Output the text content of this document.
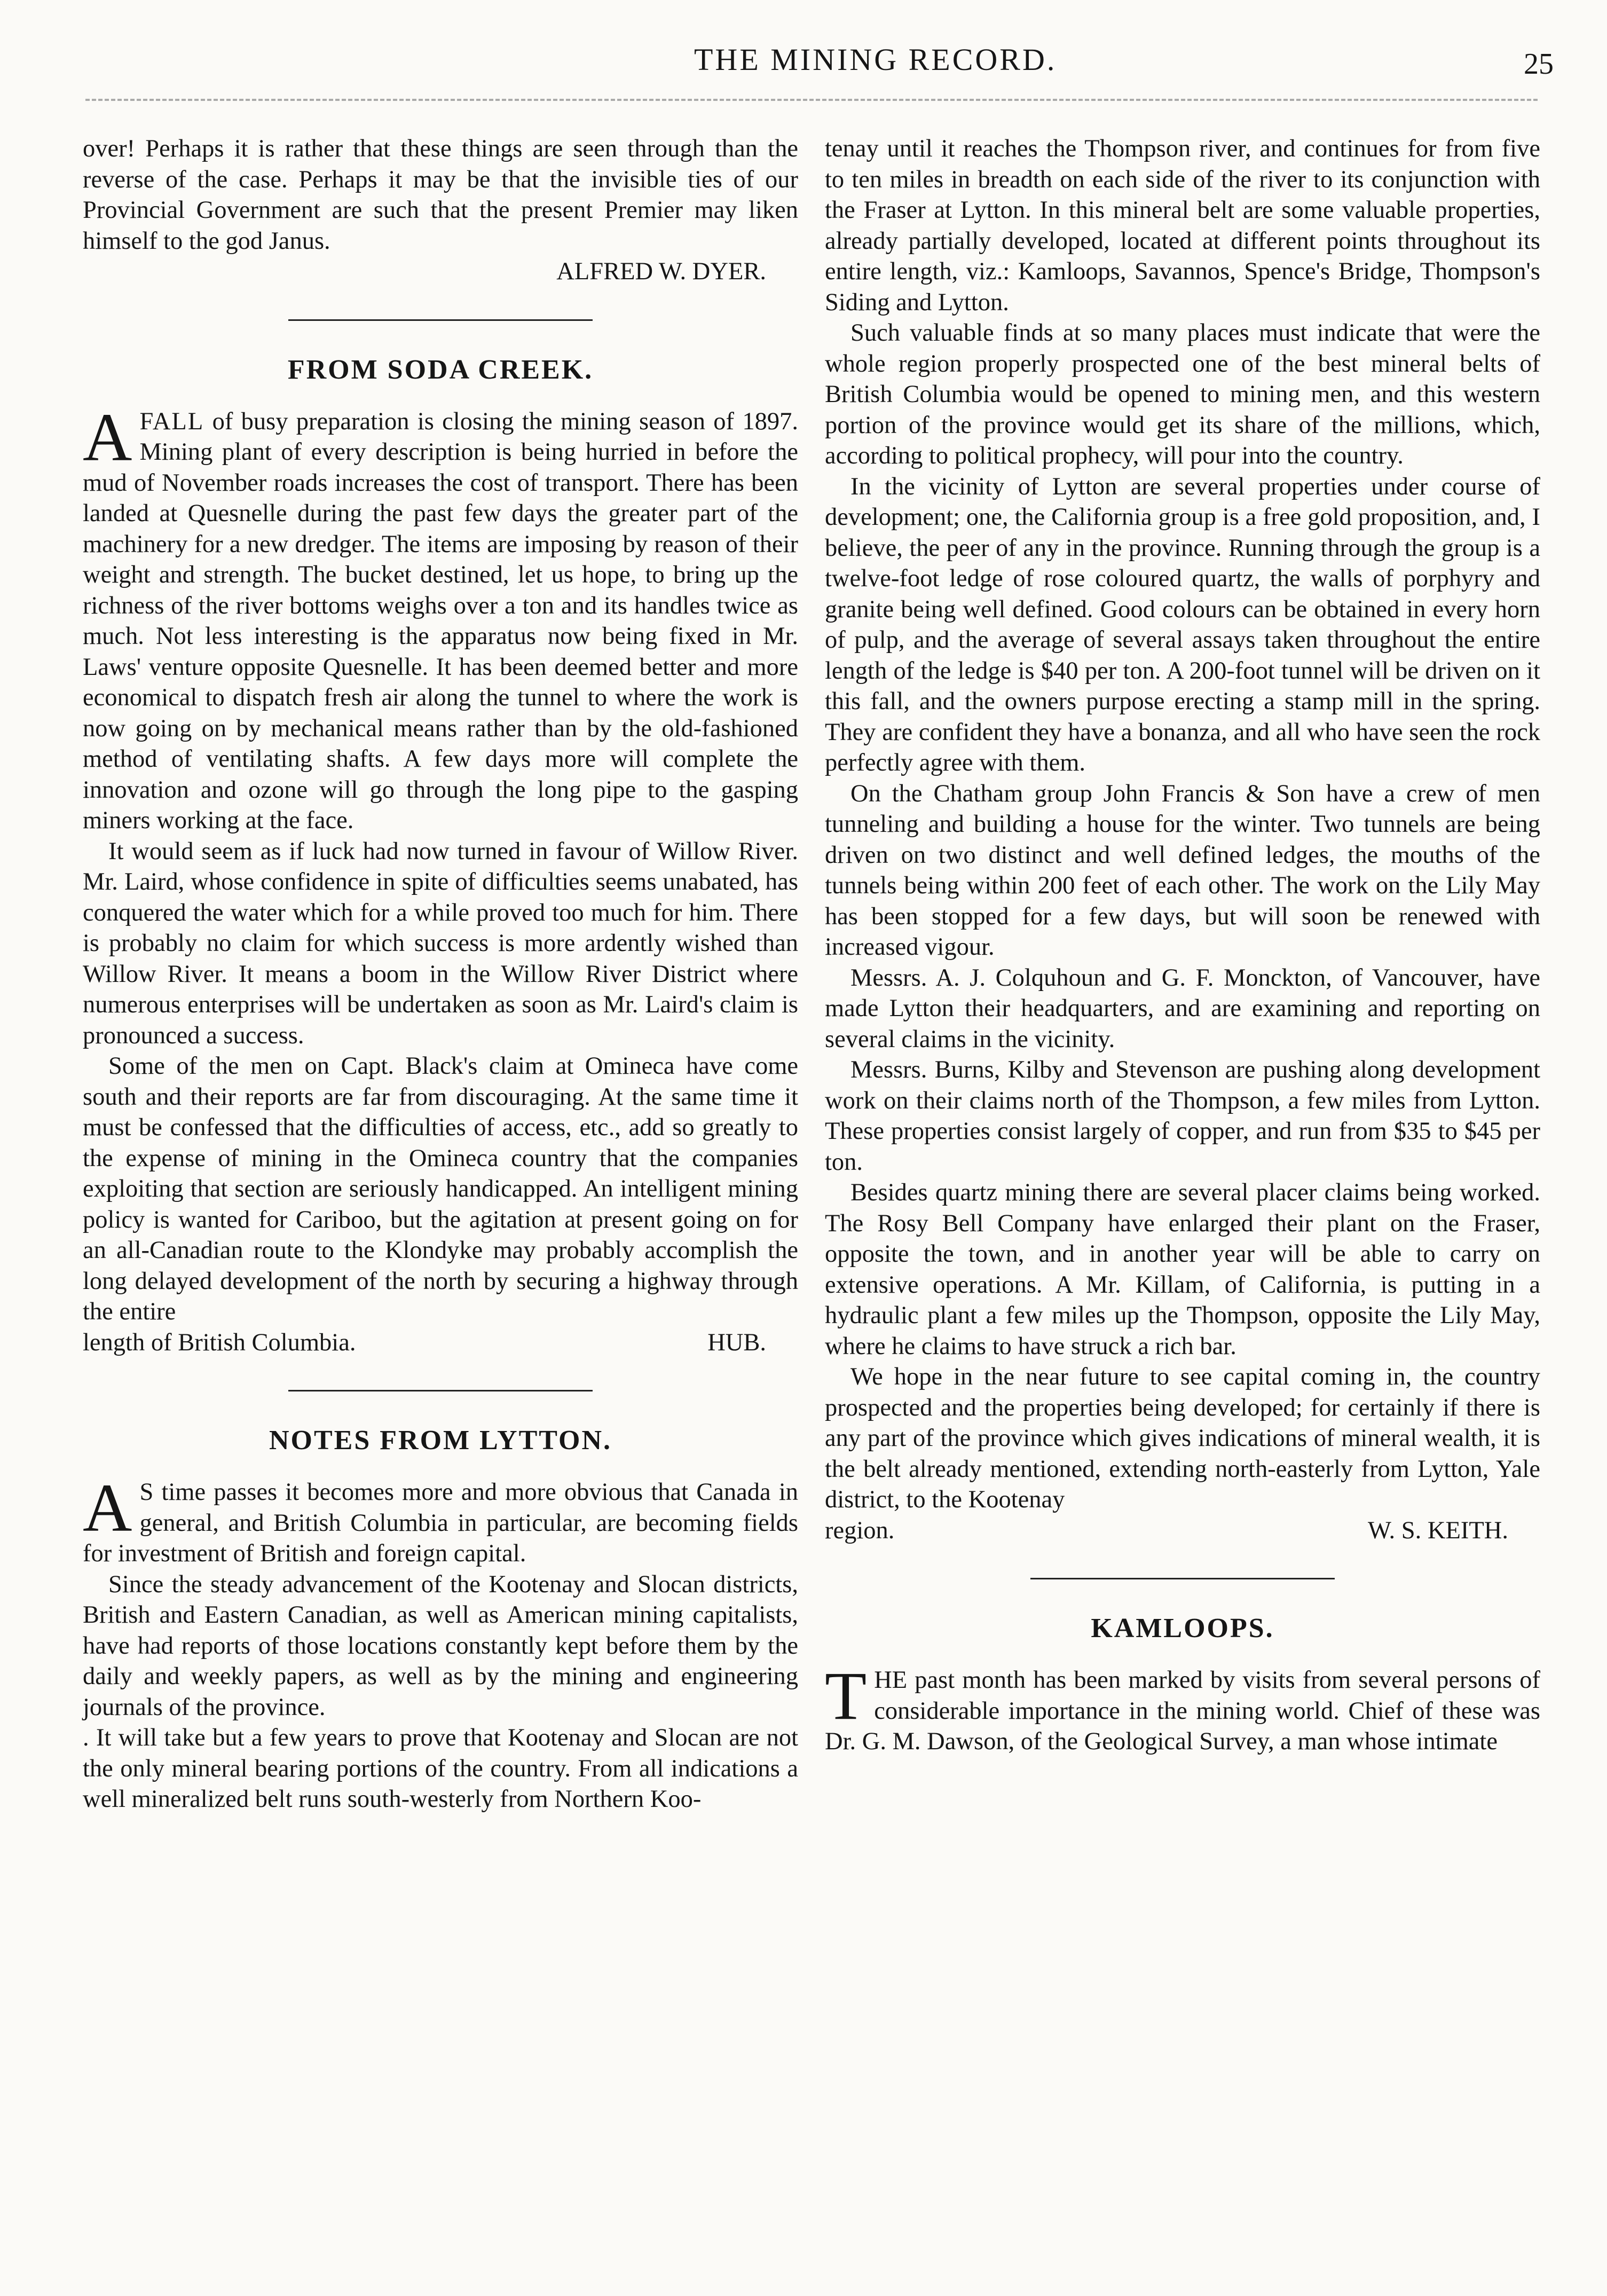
THE MINING RECORD.	25

over! Perhaps it is rather that these things are seen through than the reverse of the case. Perhaps it may be that the invisible ties of our Provincial Government are such that the present Premier may liken himself to the god Janus.

ALFRED W. DYER.

FROM SODA CREEK.

AFALL of busy preparation is closing the mining season of 1897. Mining plant of every description is being hurried in before the mud of November roads increases the cost of transport. There has been landed at Quesnelle during the past few days the greater part of the machinery for a new dredger. The items are imposing by reason of their weight and strength. The bucket destined, let us hope, to bring up the richness of the river bottoms weighs over a ton and its handles twice as much. Not less interesting is the apparatus now being fixed in Mr. Laws' venture opposite Quesnelle. It has been deemed better and more economical to dispatch fresh air along the tunnel to where the work is now going on by mechanical means rather than by the old-fashioned method of ventilating shafts. A few days more will complete the innovation and ozone will go through the long pipe to the gasping miners working at the face.

It would seem as if luck had now turned in favour of Willow River. Mr. Laird, whose confidence in spite of difficulties seems unabated, has conquered the water which for a while proved too much for him. There is probably no claim for which success is more ardently wished than Willow River. It means a boom in the Willow River District where numerous enterprises will be undertaken as soon as Mr. Laird's claim is pronounced a success.

Some of the men on Capt. Black's claim at Omineca have come south and their reports are far from discouraging. At the same time it must be confessed that the difficulties of access, etc., add so greatly to the expense of mining in the Omineca country that the companies exploiting that section are seriously handicapped. An intelligent mining policy is wanted for Cariboo, but the agitation at present going on for an all-Canadian route to the Klondyke may probably accomplish the long delayed development of the north by securing a highway through the entire

length of British Columbia.	HUB.
NOTES FROM LYTTON.

A S time passes it becomes more and more obvious that Canada in general, and British Columbia in particular, are becoming fields for investment of British and foreign capital.

Since the steady advancement of the Kootenay and Slocan districts, British and Eastern Canadian, as well as American mining capitalists, have had reports of those locations constantly kept before them by the daily and weekly papers, as well as by the mining and engineering journals of the province.

. It will take but a few years to prove that Kootenay and Slocan are not the only mineral bearing portions of the country. From all indications a well mineralized belt runs south-westerly from Northern Koo-

tenay until it reaches the Thompson river, and continues for from five to ten miles in breadth on each side of the river to its conjunction with the Fraser at Lytton. In this mineral belt are some valuable properties, already partially developed, located at different points throughout its entire length, viz.: Kamloops, Savannos, Spence's Bridge, Thompson's Siding and Lytton.

Such valuable finds at so many places must indicate that were the whole region properly prospected one of the best mineral belts of British Columbia would be opened to mining men, and this western portion of the province would get its share of the millions, which, according to political prophecy, will pour into the country.

In the vicinity of Lytton are several properties under course of development; one, the California group is a free gold proposition, and, I believe, the peer of any in the province. Running through the group is a twelve-foot ledge of rose coloured quartz, the walls of porphyry and granite being well defined. Good colours can be obtained in every horn of pulp, and the average of several assays taken throughout the entire length of the ledge is $40 per ton. A 200-foot tunnel will be driven on it this fall, and the owners purpose erecting a stamp mill in the spring. They are confident they have a bonanza, and all who have seen the rock perfectly agree with them.

On the Chatham group John Francis & Son have a crew of men tunneling and building a house for the winter. Two tunnels are being driven on two distinct and well defined ledges, the mouths of the tunnels being within 200 feet of each other. The work on the Lily May has been stopped for a few days, but will soon be renewed with increased vigour.

Messrs. A. J. Colquhoun and G. F. Monckton, of Vancouver, have made Lytton their headquarters, and are examining and reporting on several claims in the vicinity.

Messrs. Burns, Kilby and Stevenson are pushing along development work on their claims north of the Thompson, a few miles from Lytton. These properties consist largely of copper, and run from $35 to $45 per ton.

Besides quartz mining there are several placer claims being worked. The Rosy Bell Company have enlarged their plant on the Fraser, opposite the town, and in another year will be able to carry on extensive operations. A Mr. Killam, of California, is putting in a hydraulic plant a few miles up the Thompson, opposite the Lily May, where he claims to have struck a rich bar.

We hope in the near future to see capital coming in, the country prospected and the properties being developed; for certainly if there is any part of the province which gives indications of mineral wealth, it is the belt already mentioned, extending north-easterly from Lytton, Yale district, to the Kootenay

region.	W. S. KEITH.
KAMLOOPS.

THE past month has been marked by visits from several persons of considerable importance in the mining world. Chief of these was Dr. G. M. Dawson, of the Geological Survey, a man whose intimate
